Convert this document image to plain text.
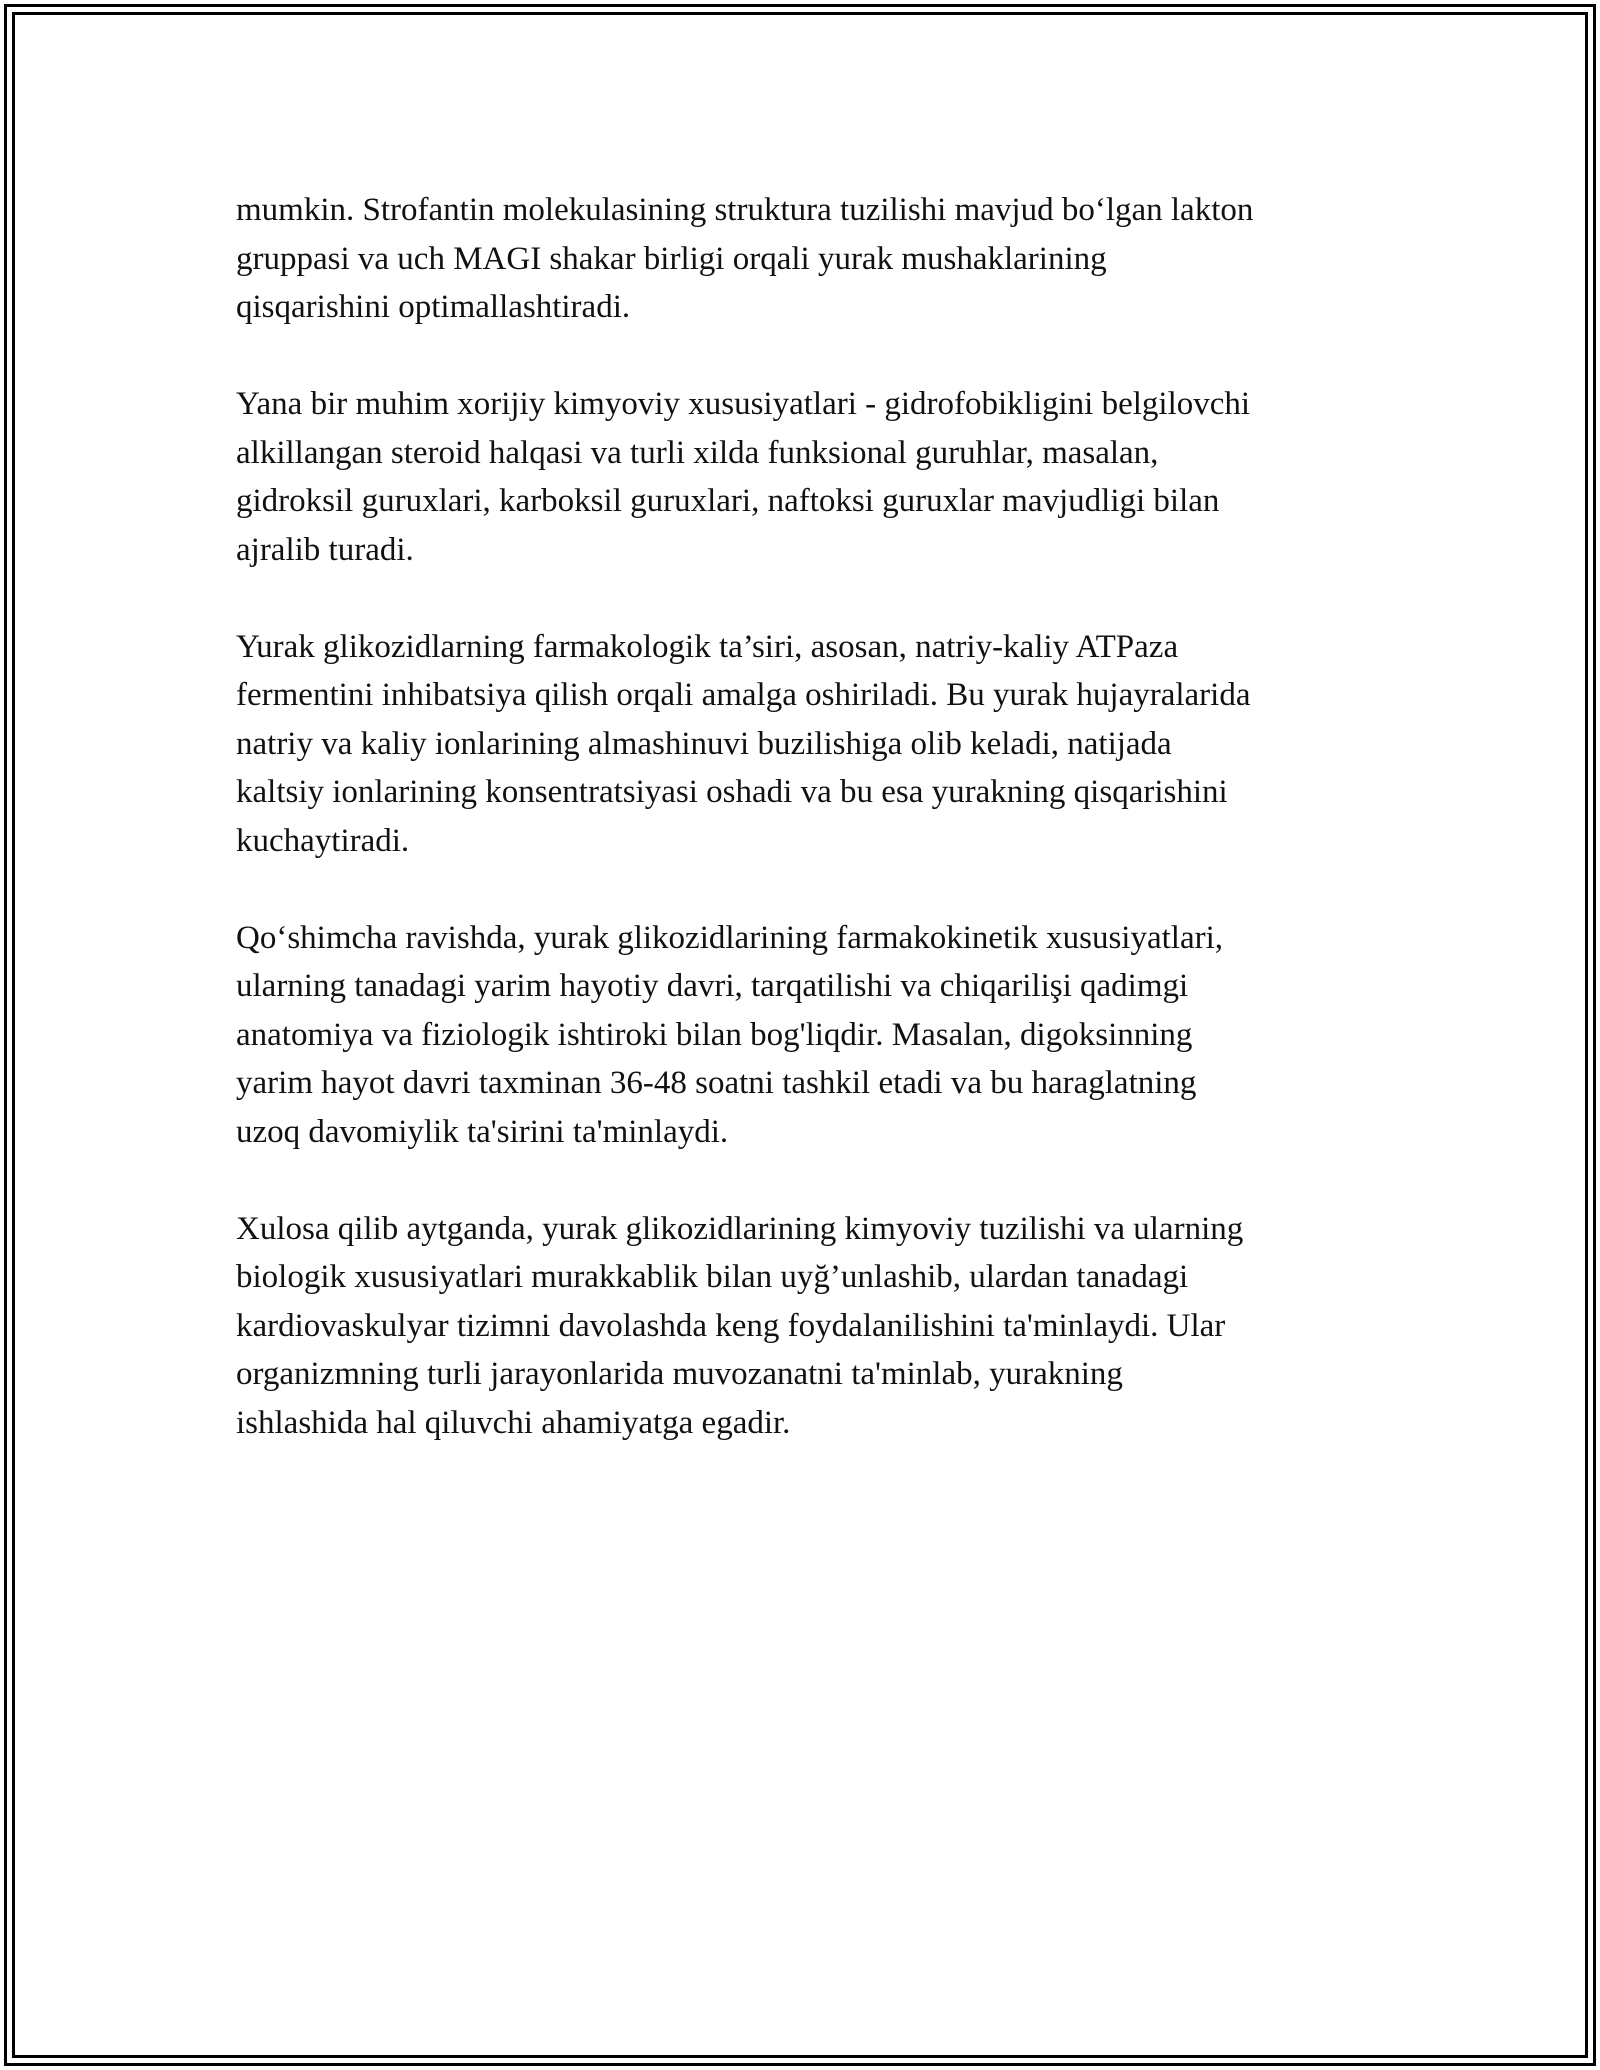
mumkin. Strofantin molekulasining struktura tuzilishi mavjud bo‘lgan lakton
gruppasi va uch MAGI shakar birligi orqali yurak mushaklarining
qisqarishini optimallashtiradi.

Yana bir muhim xorijiy kimyoviy xususiyatlari - gidrofobikligini belgilovchi
alkillangan steroid halqasi va turli xilda funksional guruhlar, masalan,
gidroksil guruxlari, karboksil guruxlari, naftoksi guruxlar mavjudligi bilan
ajralib turadi.

Yurak glikozidlarning farmakologik ta’siri, asosan, natriy-kaliy ATPaza
fermentini inhibatsiya qilish orqali amalga oshiriladi. Bu yurak hujayralarida
natriy va kaliy ionlarining almashinuvi buzilishiga olib keladi, natijada
kaltsiy ionlarining konsentratsiyasi oshadi va bu esa yurakning qisqarishini
kuchaytiradi.

Qo‘shimcha ravishda, yurak glikozidlarining farmakokinetik xususiyatlari,
ularning tanadagi yarim hayotiy davri, tarqatilishi va chiqarilişi qadimgi
anatomiya va fiziologik ishtiroki bilan bog'liqdir. Masalan, digoksinning
yarim hayot davri taxminan 36-48 soatni tashkil etadi va bu haraglatning
uzoq davomiylik ta'sirini ta'minlaydi.

Xulosa qilib aytganda, yurak glikozidlarining kimyoviy tuzilishi va ularning
biologik xususiyatlari murakkablik bilan uyğ’unlashib, ulardan tanadagi
kardiovaskulyar tizimni davolashda keng foydalanilishini ta'minlaydi. Ular
organizmning turli jarayonlarida muvozanatni ta'minlab, yurakning
ishlashida hal qiluvchi ahamiyatga egadir.
